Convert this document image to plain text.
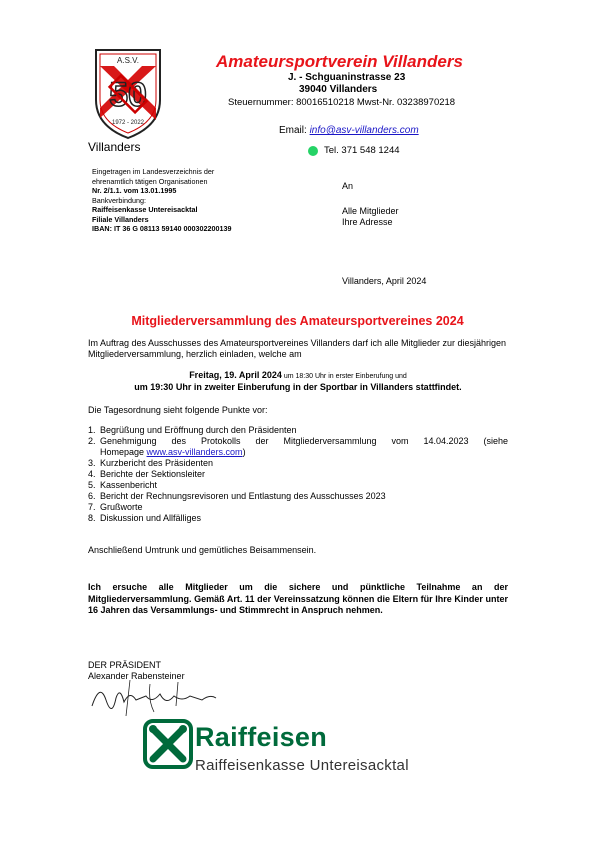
A.S.V.
50
1972 - 2022
Villanders
Amateursportverein Villanders
J. - Schguaninstrasse 23
39040 Villanders
Steuernummer: 80016510218 Mwst-Nr. 03238970218
Email: info@asv-villanders.com
Tel. 371 548 1244
Eingetragen im Landesverzeichnis der
ehrenamtlich tätigen Organisationen
Nr. 2/1.1. vom 13.01.1995
Bankverbindung:
Raiffeisenkasse Untereisacktal
Filiale Villanders
IBAN: IT 36 G 08113 59140 000302200139
An
Alle Mitglieder
Ihre Adresse
Villanders, April 2024
Mitgliederversammlung des Amateursportvereines 2024
Im Auftrag des Ausschusses des Amateursportvereines Villanders darf ich alle Mitglieder zur diesjährigen Mitgliederversammlung, herzlich einladen, welche am
Freitag, 19. April 2024 um 18:30 Uhr in erster Einberufung und
um 19:30 Uhr in zweiter Einberufung in der Sportbar in Villanders stattfindet.
Die Tagesordnung sieht folgende Punkte vor:
1. Begrüßung und Eröffnung durch den Präsidenten
2. Genehmigung des Protokolls der Mitgliederversammlung vom 14.04.2023 (siehe
Homepage www.asv-villanders.com)
3. Kurzbericht des Präsidenten
4. Berichte der Sektionsleiter
5. Kassenbericht
6. Bericht der Rechnungsrevisoren und Entlastung des Ausschusses 2023
7. Grußworte
8. Diskussion und Allfälliges
Anschließend Umtrunk und gemütliches Beisammensein.
Ich ersuche alle Mitglieder um die sichere und pünktliche Teilnahme an der Mitgliederversammlung. Gemäß Art. 11 der Vereinssatzung können die Eltern für Ihre Kinder unter 16 Jahren das Versammlungs- und Stimmrecht in Anspruch nehmen.
DER PRÄSIDENT
Alexander Rabensteiner
Raiffeisen
Raiffeisenkasse Untereisacktal
